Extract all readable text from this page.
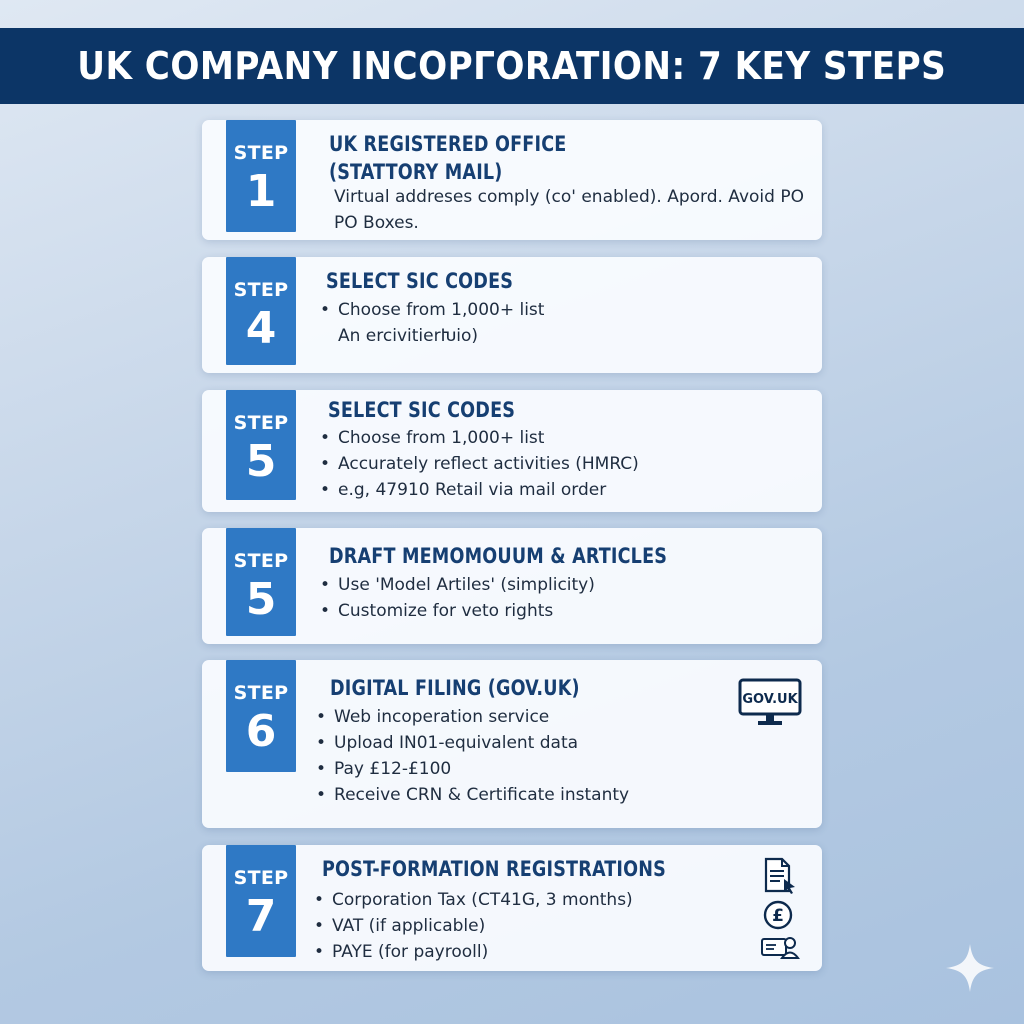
UK COMPANY INCOPΓORATION: 7 KEY STEPS
STEP
1
UK REGISTERED OFFICE
(STATTORY MAIL)
Virtual addreses comply (co' enabled). Apord. Avoid PO
PO Boxes.
STEP
4
SELECT SIC CODES
• Choose from 1,000+ list
An ercivitierԽio)
STEP
5
SELECT SIC CODES
• Choose from 1,000+ list
• Accurately reflect activities (HMRC)
• e.g, 47910 Retail via mail order
STEP
5
DRAFT MEMOMOUUM & ARTICLES
• Use 'Model Artiles' (simplicity)
• Customize for veto rights
STEP
6
DIGITAL FILING (GOV.UK)
• Web incoperation service
• Upload IN01-equivalent data
• Pay £12-£100
• Receive CRN & Certificate instanty
GOV.UK
STEP
7
POST-FORMATION REGISTRATIONS
• Corporation Tax (CT41G, 3 months)
• VAT (if applicable)
• PAYE (for payrooll)
£
